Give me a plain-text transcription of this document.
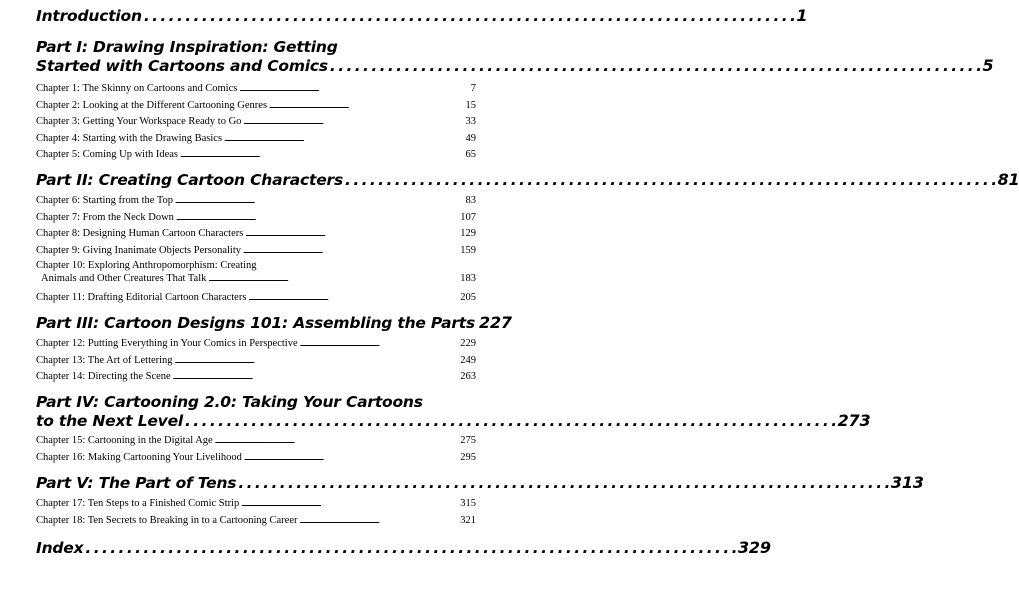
Introduction . . .	1
Part I: Drawing Inspiration: Getting
Started with Cartoons and Comics . . .	5
Chapter 1: The Skinny on Cartoons and Comics . . .	7
Chapter 2: Looking at the Different Cartooning Genres . . .	15
Chapter 3: Getting Your Workspace Ready to Go . . .	33
Chapter 4: Starting with the Drawing Basics . . .	49
Chapter 5: Coming Up with Ideas . . .	65
Part II: Creating Cartoon Characters . . .	81
Chapter 6: Starting from the Top . . .	83
Chapter 7: From the Neck Down . . .	107
Chapter 8: Designing Human Cartoon Characters . . .	129
Chapter 9: Giving Inanimate Objects Personality . . .	159
Chapter 10: Exploring Anthropomorphism: Creating
Animals and Other Creatures That Talk . . .	183
Chapter 11: Drafting Editorial Cartoon Characters . . .	205
Part III: Cartoon Designs 101: Assembling the Parts 227
Chapter 12: Putting Everything in Your Comics in Perspective . . .	229
Chapter 13: The Art of Lettering . . .	249
Chapter 14: Directing the Scene . . .	263
Part IV: Cartooning 2.0: Taking Your Cartoons
to the Next Level . . .	273
Chapter 15: Cartooning in the Digital Age . . .	275
Chapter 16: Making Cartooning Your Livelihood . . .	295
Part V: The Part of Tens . . .	313
Chapter 17: Ten Steps to a Finished Comic Strip . . .	315
Chapter 18: Ten Secrets to Breaking in to a Cartooning Career . . .	321
Index . . .	329
